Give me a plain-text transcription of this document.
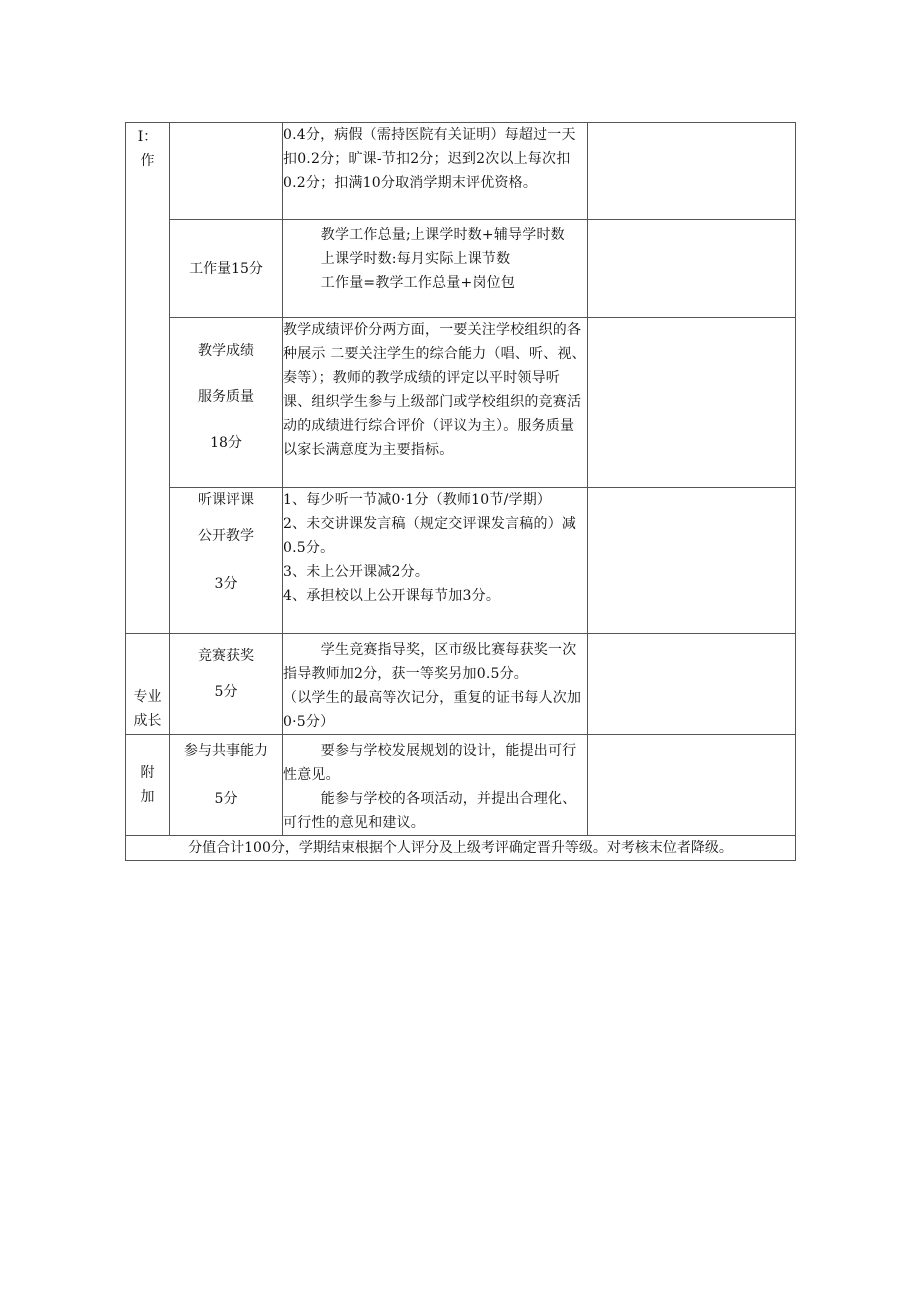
I：
作		0.4分，病假（需持医院有关证明）每超过一天扣0.2分；旷课-节扣2分；迟到2次以上每次扣0.2分；扣满10分取消学期末评优资格。	

	工作量15分	教学工作总量;上课学时数+辅导学时数
上课学时数:每月实际上课节数
工作量=教学工作总量+岗位包	

	教学成绩
服务质量
18分	教学成绩评价分两方面，一要关注学校组织的各种展示 二要关注学生的综合能力（唱、听、视、奏等）；教师的教学成绩的评定以平时领导听课、组织学生参与上级部门或学校组织的竞赛活动的成绩进行综合评价（评议为主）。服务质量以家长满意度为主要指标。	

	听课评课
公开教学
3分	1、每少听一节减0·1分（教师10节/学期）
2、未交讲课发言稿（规定交评课发言稿的）减0.5分。
3、未上公开课减2分。
4、承担校以上公开课每节加3分。	

专业
成长	竞赛获奖
5分	学生竞赛指导奖，区市级比赛每获奖一次指导教师加2分，获一等奖另加0.5分。
（以学生的最高等次记分，重复的证书每人次加0·5分）	

附
加	参与共事能力
5分	要参与学校发展规划的设计，能提出可行性意见。
能参与学校的各项活动，并提出合理化、可行性的意见和建议。	

分值合计100分，学期结束根据个人评分及上级考评确定晋升等级。对考核末位者降级。			
